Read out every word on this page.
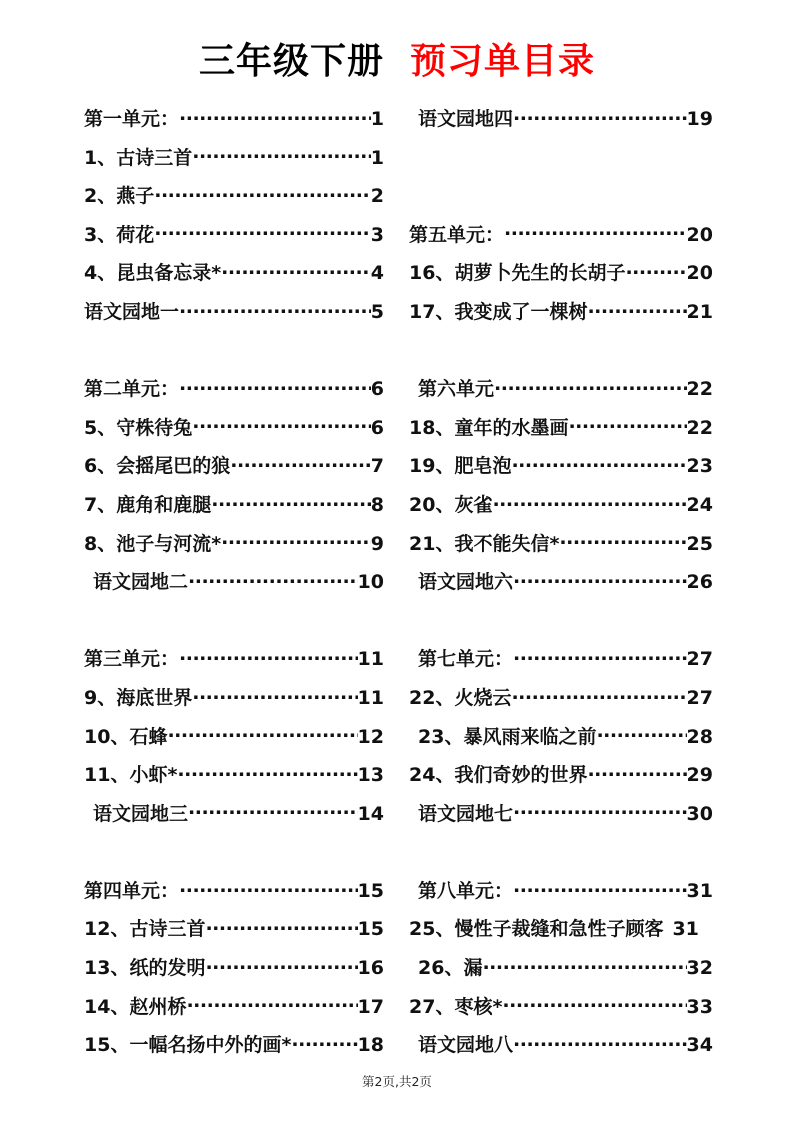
三年级下册 预习单目录
第一单元： .....	1
1、古诗三首 .....	1
2、燕子 .....	2
3、荷花 .....	3
4、昆虫备忘录* .....	4
语文园地一 .....	5
第二单元： .....	6
5、守株待兔 .....	6
6、会摇尾巴的狼 .....	7
7、鹿角和鹿腿 .....	8
8、池子与河流* .....	9
语文园地二 .....	10
第三单元： .....	11
9、海底世界 .....	11
10、石蜂 .....	12
11、小虾* .....	13
语文园地三 .....	14
第四单元： .....	15
12、古诗三首 .....	15
13、纸的发明 .....	16
14、赵州桥 .....	17
15、一幅名扬中外的画* .....	18
语文园地四 .....	19
第五单元： .....	20
16、胡萝卜先生的长胡子 .....	20
17、我变成了一棵树 .....	21
第六单元 .....	22
18、童年的水墨画 .....	22
19、肥皂泡 .....	23
20、灰雀 .....	24
21、我不能失信* .....	25
语文园地六 .....	26
第七单元： .....	27
22、火烧云 .....	27
23、暴风雨来临之前 .....	28
24、我们奇妙的世界 .....	29
语文园地七 .....	30
第八单元： .....	31
25、慢性子裁缝和急性子顾客 31
26、漏 .....	32
27、枣核* .....	33
语文园地八 .....	34
第2页,共2页
